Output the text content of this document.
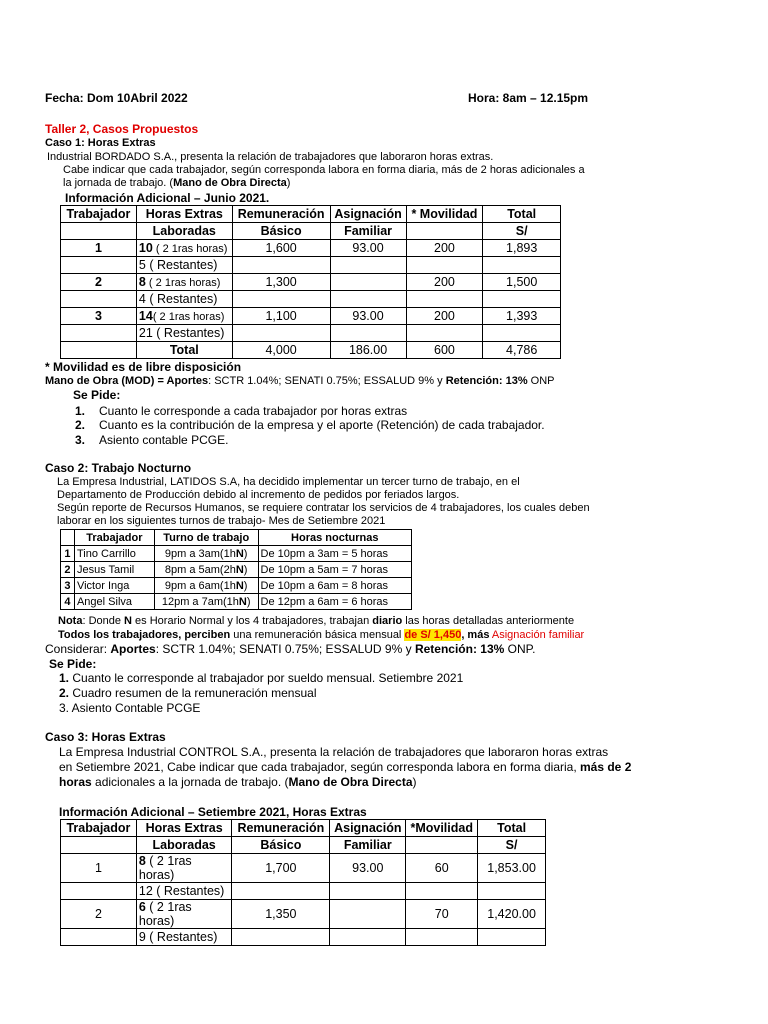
Fecha: Dom 10Abril 2022	Hora: 8am – 12.15pm
Taller 2, Casos Propuestos
Caso 1: Horas Extras
Industrial BORDADO S.A., presenta la relación de trabajadores que laboraron horas extras.
Cabe indicar que cada trabajador, según corresponda labora en forma diaria, más de 2 horas adicionales a
la jornada de trabajo. (Mano de Obra Directa)
Información Adicional – Junio 2021.
Trabajador	Horas Extras	Remuneración	Asignación	* Movilidad	Total
	Laboradas	Básico	Familiar		S/
1	10 ( 2 1ras horas)	1,600	93.00	200	1,893
	5 ( Restantes)				
2	8 ( 2 1ras horas)	1,300		200	1,500
	4 ( Restantes)				
3	14( 2 1ras horas)	1,100	93.00	200	1,393
	21 ( Restantes)				
	Total	4,000	186.00	600	4,786
* Movilidad es de libre disposición
Mano de Obra (MOD) = Aportes: SCTR 1.04%; SENATI 0.75%; ESSALUD 9% y Retención: 13% ONP
Se Pide:
1. Cuanto le corresponde a cada trabajador por horas extras
2. Cuanto es la contribución de la empresa y el aporte (Retención) de cada trabajador.
3. Asiento contable PCGE.
Caso 2: Trabajo Nocturno
La Empresa Industrial, LATIDOS S.A, ha decidido implementar un tercer turno de trabajo, en el
Departamento de Producción debido al incremento de pedidos por feriados largos.
Según reporte de Recursos Humanos, se requiere contratar los servicios de 4 trabajadores, los cuales deben
laborar en los siguientes turnos de trabajo- Mes de Setiembre 2021
	Trabajador	Turno de trabajo	Horas nocturnas
1	Tino Carrillo	9pm a 3am(1hN)	De 10pm a 3am = 5 horas
2	Jesus Tamil	8pm a 5am(2hN)	De 10pm a 5am = 7 horas
3	Victor Inga	9pm a 6am(1hN)	De 10pm a 6am = 8 horas
4	Angel Silva	12pm a 7am(1hN)	De 12pm a 6am = 6 horas
Nota: Donde N es Horario Normal y los 4 trabajadores, trabajan diario las horas detalladas anteriormente
Todos los trabajadores, perciben una remuneración básica mensual de S/ 1,450, más Asignación familiar
Considerar: Aportes: SCTR 1.04%; SENATI 0.75%; ESSALUD 9% y Retención: 13% ONP.
Se Pide:
1. Cuanto le corresponde al trabajador por sueldo mensual. Setiembre 2021
2. Cuadro resumen de la remuneración mensual
3. Asiento Contable PCGE
Caso 3: Horas Extras
La Empresa Industrial CONTROL S.A., presenta la relación de trabajadores que laboraron horas extras
en Setiembre 2021, Cabe indicar que cada trabajador, según corresponda labora en forma diaria, más de 2
horas adicionales a la jornada de trabajo. (Mano de Obra Directa)
Información Adicional – Setiembre 2021, Horas Extras
Trabajador	Horas Extras	Remuneración	Asignación	*Movilidad	Total
	Laboradas	Básico	Familiar		S/
1	8 ( 2 1ras horas)	1,700	93.00	60	1,853.00
	12 ( Restantes)				
2	6 ( 2 1ras horas)	1,350		70	1,420.00
	9 ( Restantes)				
